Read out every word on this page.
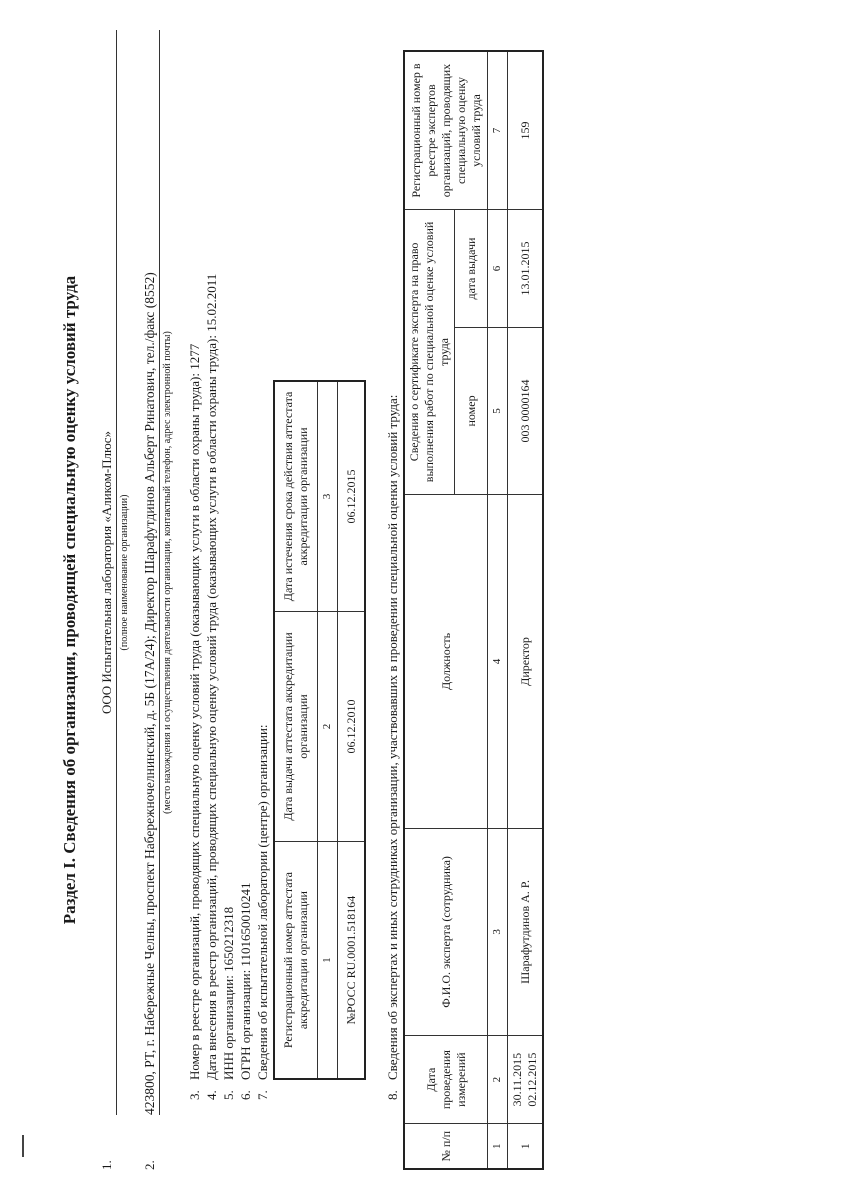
Раздел I. Сведения об организации, проводящей специальную оценку условий труда
1.
ООО Испытательная лаборатория «Аликом-Плюс» (полное наименование организации)
2.
423800, РТ, г. Набережные Челны, проспект Набережночелнинский, д. 5Б (17А/24); Директор Шарафутдинов Альберт Ринатович, тел./факс (8552) (место нахождения и осуществления деятельности организации, контактный телефон, адрес электронной почты)
3.
Номер в реестре организаций, проводящих специальную оценку условий труда (оказывающих услуги в области охраны труда): 1277
4.
Дата внесения в реестр организаций, проводящих специальную оценку условий труда (оказывающих услуги в области охраны труда): 15.02.2011
5.
ИНН организации: 1650212318
6.
ОГРН организации: 1101650010241
7.
Сведения об испытательной лаборатории (центре) организации: Регистрационный номер аттестата аккредитации организации	Дата выдачи аттестата аккредитации организации	Дата истечения срока действия аттестата аккредитации организации
1	2	3
№РОСС RU.0001.518164	06.12.2010	06.12.2015
8.
Сведения об экспертах и иных сотрудниках организации, участвовавших в проведении специальной оценки условий труда:
№ п/п	Дата проведения измерений	Ф.И.О. эксперта (сотрудника)	Должность	Сведения о сертификате эксперта на право выполнения работ по специальной оценке условий труда		Регистрационный номер в реестре экспертов организаций, проводящих специальную оценку условий труда
				номер	дата выдачи	
1	2	3	4	5	6	7
1	30.11.2015 02.12.2015	Шарафутдинов А. Р.	Директор	003 0000164	13.01.2015	159
